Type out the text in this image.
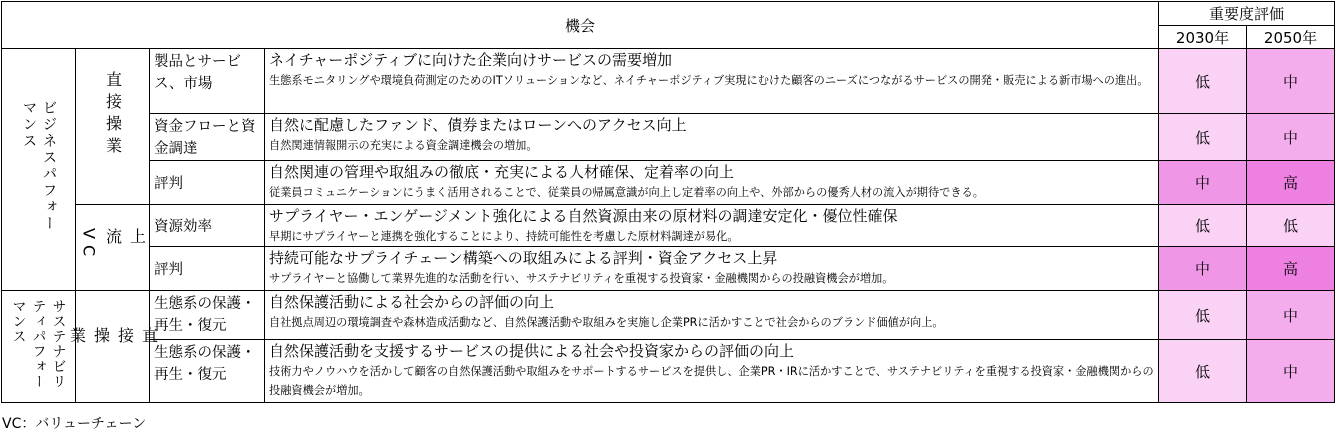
機会				重要度評価	
				2030年	2050年

ビジネスパフォーマンス	直接操業	製品とサービス、市場	ネイチャーポジティブに向けた企業向けサービスの需要増加
生態系モニタリングや環境負荷測定のためのITソリューションなど、ネイチャーポジティブ実現にむけた顧客のニーズにつながるサービスの開発・販売による新市場への進出。	低	中
		資金フローと資金調達	自然に配慮したファンド、債券またはローンへのアクセス向上
自然関連情報開示の充実による資金調達機会の増加。	低	中
		評判	自然関連の管理や取組みの徹底・充実による人材確保、定着率の向上
従業員コミュニケーションにうまく活用されることで、従業員の帰属意識が向上し定着率の向上や、外部からの優秀人材の流入が期待できる。	中	高

	上流VC	資源効率	サプライヤー・エンゲージメント強化による自然資源由来の原材料の調達安定化・優位性確保
早期にサプライヤーと連携を強化することにより、持続可能性を考慮した原材料調達が易化。	低	低
		評判	持続可能なサプライチェーン構築への取組みによる評判・資金アクセス上昇
サプライヤーと協働して業界先進的な活動を行い、サステナビリティを重視する投資家・金融機関からの投融資機会が増加。	中	高

サステナビリティパフォーマンス	直接操業	生態系の保護・再生・復元	自然保護活動による社会からの評価の向上
自社拠点周辺の環境調査や森林造成活動など、自然保護活動や取組みを実施し企業PRに活かすことで社会からのブランド価値が向上。	低	中
		生態系の保護・再生・復元	自然保護活動を支援するサービスの提供による社会や投資家からの評価の向上
技術力やノウハウを活かして顧客の自然保護活動や取組みをサポートするサービスを提供し、企業PR・IRに活かすことで、サステナビリティを重視する投資家・金融機関からの投融資機会が増加。	低	中
VC：バリューチェーン
